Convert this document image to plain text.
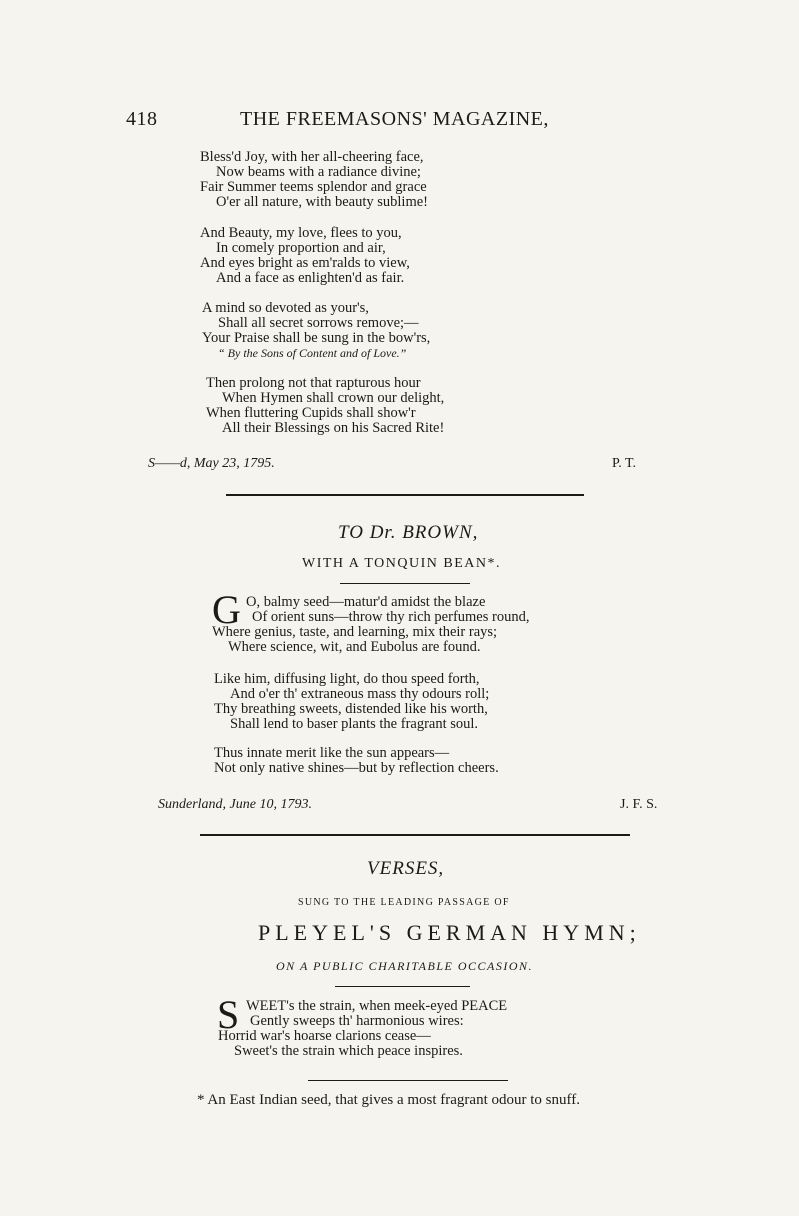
418	THE FREEMASONS' MAGAZINE,
Bless'd Joy, with her all-cheering face,
Now beams with a radiance divine;
Fair Summer teems splendor and grace
O'er all nature, with beauty sublime!
And Beauty, my love, flees to you,
In comely proportion and air,
And eyes bright as em'ralds to view,
And a face as enlighten'd as fair.
A mind so devoted as your's,
Shall all secret sorrows remove;—
Your Praise shall be sung in the bow'rs,
“ By the Sons of Content and of Love.”
Then prolong not that rapturous hour
When Hymen shall crown our delight,
When fluttering Cupids shall show'r
All their Blessings on his Sacred Rite!
S——d, May 23, 1795.	P. T.
TO Dr. BROWN,
WITH A TONQUIN BEAN*.
G O, balmy seed—matur'd amidst the blaze
Of orient suns—throw thy rich perfumes round,
Where genius, taste, and learning, mix their rays;
Where science, wit, and Eubolus are found.
Like him, diffusing light, do thou speed forth,
And o'er th' extraneous mass thy odours roll;
Thy breathing sweets, distended like his worth,
Shall lend to baser plants the fragrant soul.
Thus innate merit like the sun appears—
Not only native shines—but by reflection cheers.
Sunderland, June 10, 1793.	J. F. S.
VERSES,
SUNG TO THE LEADING PASSAGE OF
PLEYEL'S GERMAN HYMN;
ON A PUBLIC CHARITABLE OCCASION.
S WEET's the strain, when meek-eyed PEACE
Gently sweeps th' harmonious wires:
Horrid war's hoarse clarions cease—
Sweet's the strain which peace inspires.
* An East Indian seed, that gives a most fragrant odour to snuff.
